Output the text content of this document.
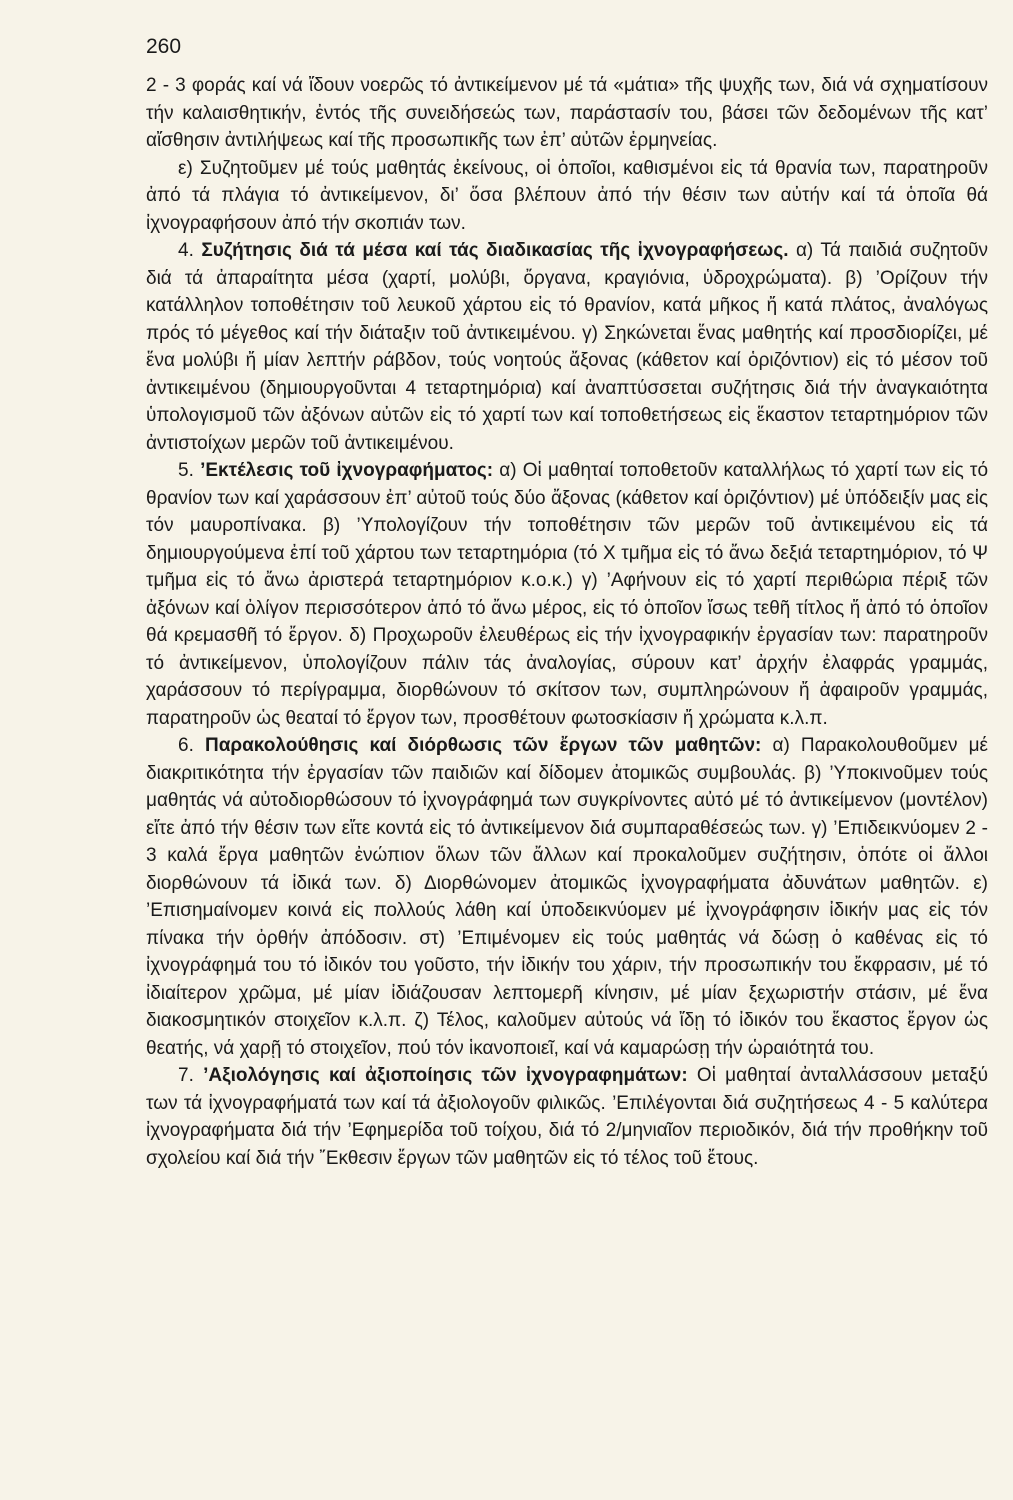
260

2 - 3 φοράς καί νά ἴδουν νοερῶς τό ἀντικείμενον μέ τά «μάτια» τῆς ψυχῆς των, διά νά σχηματίσουν τήν καλαισθητικήν, ἐντός τῆς συνειδήσεώς των, παράστασίν του, βάσει τῶν δεδομένων τῆς κατ’ αἴσθησιν ἀντιλήψεως καί τῆς προσωπικῆς των ἐπ’ αὐτῶν ἑρμηνείας.

ε) Συζητοῦμεν μέ τούς μαθητάς ἐκείνους, οἱ ὁποῖοι, καθισμένοι εἰς τά θρανία των, παρατηροῦν ἀπό τά πλάγια τό ἀντικείμενον, δι’ ὅσα βλέπουν ἀπό τήν θέσιν των αὐτήν καί τά ὁποῖα θά ἰχνογραφήσουν ἀπό τήν σκοπιάν των.

4. Συζήτησις διά τά μέσα καί τάς διαδικασίας τῆς ἰχνογραφήσεως. α) Τά παιδιά συζητοῦν διά τά ἀπαραίτητα μέσα (χαρτί, μολύβι, ὄργανα, κραγιόνια, ὑδροχρώματα). β) ’Ορίζουν τήν κατάλληλον τοποθέτησιν τοῦ λευκοῦ χάρτου εἰς τό θρανίον, κατά μῆκος ἤ κατά πλάτος, ἀναλόγως πρός τό μέγεθος καί τήν διάταξιν τοῦ ἀντικειμένου. γ) Σηκώνεται ἕνας μαθητής καί προσδιορίζει, μέ ἕνα μολύβι ἤ μίαν λεπτήν ράβδον, τούς νοητούς ἄξονας (κάθετον καί ὁριζόντιον) εἰς τό μέσον τοῦ ἀντικειμένου (δημιουργοῦνται 4 τεταρτημόρια) καί ἀναπτύσσεται συζήτησις διά τήν ἀναγκαιότητα ὑπολογισμοῦ τῶν ἀξόνων αὐτῶν εἰς τό χαρτί των καί τοποθετήσεως εἰς ἕκαστον τεταρτημόριον τῶν ἀντιστοίχων μερῶν τοῦ ἀντικειμένου.

5. ’Εκτέλεσις τοῦ ἰχνογραφήματος: α) Οἱ μαθηταί τοποθετοῦν καταλλήλως τό χαρτί των εἰς τό θρανίον των καί χαράσσουν ἐπ’ αὐτοῦ τούς δύο ἄξονας (κάθετον καί ὁριζόντιον) μέ ὑπόδειξίν μας εἰς τόν μαυροπίνακα. β) ’Υπολογίζουν τήν τοποθέτησιν τῶν μερῶν τοῦ ἀντικειμένου εἰς τά δημιουργούμενα ἐπί τοῦ χάρτου των τεταρτημόρια (τό Χ τμῆμα εἰς τό ἄνω δεξιά τεταρτημόριον, τό Ψ τμῆμα εἰς τό ἄνω ἀριστερά τεταρτημόριον κ.ο.κ.) γ) ’Αφήνουν εἰς τό χαρτί περιθώρια πέριξ τῶν ἀξόνων καί ὀλίγον περισσότερον ἀπό τό ἄνω μέρος, εἰς τό ὁποῖον ἴσως τεθῆ τίτλος ἤ ἀπό τό ὁποῖον θά κρεμασθῆ τό ἔργον. δ) Προχωροῦν ἐλευθέρως εἰς τήν ἰχνογραφικήν ἐργασίαν των: παρατηροῦν τό ἀντικείμενον, ὑπολογίζουν πάλιν τάς ἀναλογίας, σύρουν κατ’ ἀρχήν ἐλαφράς γραμμάς, χαράσσουν τό περίγραμμα, διορθώνουν τό σκίτσον των, συμπληρώνουν ἤ ἀφαιροῦν γραμμάς, παρατηροῦν ὡς θεαταί τό ἔργον των, προσθέτουν φωτοσκίασιν ἤ χρώματα κ.λ.π.

6. Παρακολούθησις καί διόρθωσις τῶν ἔργων τῶν μαθητῶν: α) Παρακολουθοῦμεν μέ διακριτικότητα τήν ἐργασίαν τῶν παιδιῶν καί δίδομεν ἀτομικῶς συμβουλάς. β) ’Υποκινοῦμεν τούς μαθητάς νά αὐτοδιορθώσουν τό ἰχνογράφημά των συγκρίνοντες αὐτό μέ τό ἀντικείμενον (μοντέλον) εἴτε ἀπό τήν θέσιν των εἴτε κοντά εἰς τό ἀντικείμενον διά συμπαραθέσεώς των. γ) ’Επιδεικνύομεν 2 - 3 καλά ἔργα μαθητῶν ἐνώπιον ὅλων τῶν ἄλλων καί προκαλοῦμεν συζήτησιν, ὁπότε οἱ ἄλλοι διορθώνουν τά ἰδικά των. δ) Διορθώνομεν ἀτομικῶς ἰχνογραφήματα ἀδυνάτων μαθητῶν. ε) ’Επισημαίνομεν κοινά εἰς πολλούς λάθη καί ὑποδεικνύομεν μέ ἰχνογράφησιν ἰδικήν μας εἰς τόν πίνακα τήν ὀρθήν ἀπόδοσιν. στ) ’Επιμένομεν εἰς τούς μαθητάς νά δώσῃ ὁ καθένας εἰς τό ἰχνογράφημά του τό ἰδικόν του γοῦστο, τήν ἰδικήν του χάριν, τήν προσωπικήν του ἔκφρασιν, μέ τό ἰδιαίτερον χρῶμα, μέ μίαν ἰδιάζουσαν λεπτομερῆ κίνησιν, μέ μίαν ξεχωριστήν στάσιν, μέ ἕνα διακοσμητικόν στοιχεῖον κ.λ.π. ζ) Τέλος, καλοῦμεν αὐτούς νά ἴδῃ τό ἰδικόν του ἕκαστος ἔργον ὡς θεατής, νά χαρῇ τό στοιχεῖον, πού τόν ἱκανοποιεῖ, καί νά καμαρώσῃ τήν ὡραιότητά του.

7. ’Αξιολόγησις καί ἀξιοποίησις τῶν ἰχνογραφημάτων: Οἱ μαθηταί ἀνταλλάσσουν μεταξύ των τά ἰχνογραφήματά των καί τά ἀξιολογοῦν φιλικῶς. ’Επιλέγονται διά συζητήσεως 4 - 5 καλύτερα ἰχνογραφήματα διά τήν ’Εφημερίδα τοῦ τοίχου, διά τό 2/μηνιαῖον περιοδικόν, διά τήν προθήκην τοῦ σχολείου καί διά τήν ῎Εκθεσιν ἔργων τῶν μαθητῶν εἰς τό τέλος τοῦ ἔτους.
